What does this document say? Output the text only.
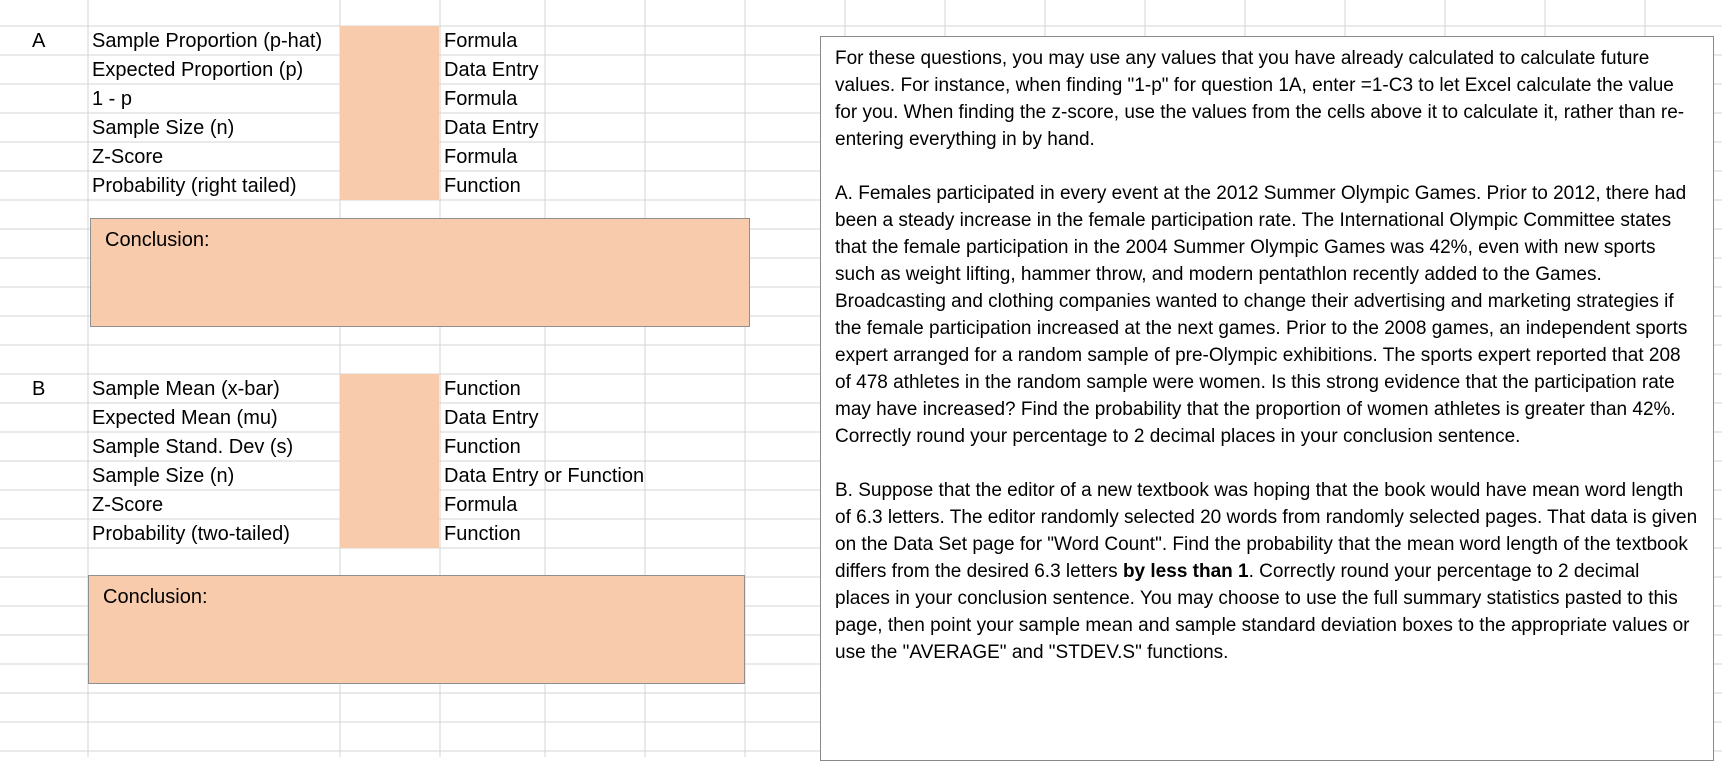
A Sample Proportion (p-hat)	Formula
Expected Proportion (p)	Data Entry
1 - p	Formula
Sample Size (n)	Data Entry
Z-Score	Formula
Probability (right tailed)	Function
Conclusion:
B Sample Mean (x-bar)	Function
Expected Mean (mu)	Data Entry
Sample Stand. Dev (s)	Function
Sample Size (n)	Data Entry or Function
Z-Score	Formula
Probability (two-tailed)	Function
Conclusion:

For these questions, you may use any values that you have already calculated to calculate future values. For instance, when finding "1-p" for question 1A, enter =1-C3 to let Excel calculate the value for you. When finding the z-score, use the values from the cells above it to calculate it, rather than re-entering everything in by hand.

A. Females participated in every event at the 2012 Summer Olympic Games. Prior to 2012, there had been a steady increase in the female participation rate. The International Olympic Committee states that the female participation in the 2004 Summer Olympic Games was 42%, even with new sports such as weight lifting, hammer throw, and modern pentathlon recently added to the Games. Broadcasting and clothing companies wanted to change their advertising and marketing strategies if the female participation increased at the next games. Prior to the 2008 games, an independent sports expert arranged for a random sample of pre-Olympic exhibitions. The sports expert reported that 208 of 478 athletes in the random sample were women. Is this strong evidence that the participation rate may have increased? Find the probability that the proportion of women athletes is greater than 42%. Correctly round your percentage to 2 decimal places in your conclusion sentence.

B. Suppose that the editor of a new textbook was hoping that the book would have mean word length of 6.3 letters. The editor randomly selected 20 words from randomly selected pages. That data is given on the Data Set page for "Word Count". Find the probability that the mean word length of the textbook differs from the desired 6.3 letters by less than 1. Correctly round your percentage to 2 decimal places in your conclusion sentence. You may choose to use the full summary statistics pasted to this page, then point your sample mean and sample standard deviation boxes to the appropriate values or use the "AVERAGE" and "STDEV.S" functions.
